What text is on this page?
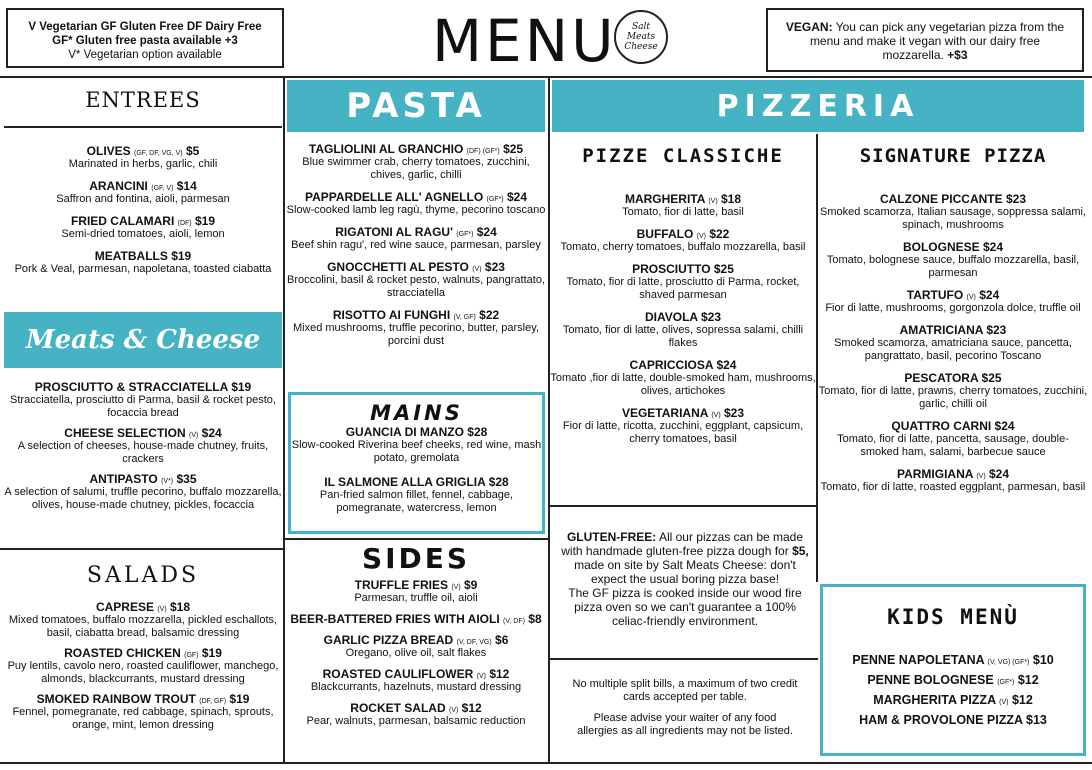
V Vegetarian GF Gluten Free DF Dairy Free
GF* Gluten free pasta available +3
V* Vegetarian option available	MENU	Salt Meats Cheese
VEGAN: You can pick any vegetarian pizza from the menu and make it vegan with our dairy free mozzarella. +$3
ENTREES
OLIVES (GF, DF, VG, V) $5
Marinated in herbs, garlic, chili
ARANCINI (GF, V) $14
Saffron and fontina, aioli, parmesan
FRIED CALAMARI (DF) $19
Semi-dried tomatoes, aioli, lemon
MEATBALLS $19
Pork & Veal, parmesan, napoletana, toasted ciabatta
Meats & Cheese
PROSCIUTTO & STRACCIATELLA $19
Stracciatella, prosciutto di Parma, basil & rocket pesto, focaccia bread
CHEESE SELECTION (V) $24
A selection of cheeses, house-made chutney, fruits, crackers
ANTIPASTO (V*) $35
A selection of salumi, truffle pecorino, buffalo mozzarella, olives, house-made chutney, pickles, focaccia
SALADS
CAPRESE (V) $18
Mixed tomatoes, buffalo mozzarella, pickled eschallots, basil, ciabatta bread, balsamic dressing
ROASTED CHICKEN (GF) $19
Puy lentils, cavolo nero, roasted cauliflower, manchego, almonds, blackcurrants, mustard dressing
SMOKED RAINBOW TROUT (DF, GF) $19
Fennel, pomegranate, red cabbage, spinach, sprouts, orange, mint, lemon dressing
PASTA
TAGLIOLINI AL GRANCHIO (DF) (GF*) $25
Blue swimmer crab, cherry tomatoes, zucchini, chives, garlic, chilli
PAPPARDELLE ALL' AGNELLO (GF*) $24
Slow-cooked lamb leg ragù, thyme, pecorino toscano
RIGATONI AL RAGU' (GF*) $24
Beef shin ragu', red wine sauce, parmesan, parsley
GNOCCHETTI AL PESTO (V) $23
Broccolini, basil & rocket pesto, walnuts, pangrattato, stracciatella
RISOTTO AI FUNGHI (V, GF) $22
Mixed mushrooms, truffle pecorino, butter, parsley, porcini dust
MAINS
GUANCIA DI MANZO $28
Slow-cooked Riverina beef cheeks, red wine, mash potato, gremolata
IL SALMONE ALLA GRIGLIA $28
Pan-fried salmon fillet, fennel, cabbage, pomegranate, watercress, lemon
SIDES
TRUFFLE FRIES (V) $9
Parmesan, truffle oil, aioli
BEER-BATTERED FRIES WITH AIOLI (V, DF) $8
GARLIC PIZZA BREAD (V, DF, VG) $6
Oregano, olive oil, salt flakes
ROASTED CAULIFLOWER (V) $12
Blackcurrants, hazelnuts, mustard dressing
ROCKET SALAD (V) $12
Pear, walnuts, parmesan, balsamic reduction
PIZZERIA
PIZZE CLASSICHE
MARGHERITA (V) $18
Tomato, fior di latte, basil
BUFFALO (V) $22
Tomato, cherry tomatoes, buffalo mozzarella, basil
PROSCIUTTO $25
Tomato, fior di latte, prosciutto di Parma, rocket, shaved parmesan
DIAVOLA $23
Tomato, fior di latte, olives, sopressa salami, chilli flakes
CAPRICCIOSA $24
Tomato ,fior di latte, double-smoked ham, mushrooms, olives, artichokes
VEGETARIANA (V) $23
Fior di latte, ricotta, zucchini, eggplant, capsicum, cherry tomatoes, basil
SIGNATURE PIZZA
CALZONE PICCANTE $23
Smoked scamorza, Italian sausage, soppressa salami, spinach, mushrooms
BOLOGNESE $24
Tomato, bolognese sauce, buffalo mozzarella, basil, parmesan
TARTUFO (V) $24
Fior di latte, mushrooms, gorgonzola dolce, truffle oil
AMATRICIANA $23
Smoked scamorza, amatriciana sauce, pancetta, pangrattato, basil, pecorino Toscano
PESCATORA $25
Tomato, fior di latte, prawns, cherry tomatoes, zucchini, garlic, chilli oil
QUATTRO CARNI $24
Tomato, fior di latte, pancetta, sausage, double-smoked ham, salami, barbecue sauce
PARMIGIANA (V) $24
Tomato, fior di latte, roasted eggplant, parmesan, basil
GLUTEN-FREE: All our pizzas can be made with handmade gluten-free pizza dough for $5, made on site by Salt Meats Cheese: don't expect the usual boring pizza base!
The GF pizza is cooked inside our wood fire pizza oven so we can't guarantee a 100% celiac-friendly environment.
No multiple split bills, a maximum of two credit cards accepted per table.
Please advise your waiter of any food allergies as all ingredients may not be listed.
KIDS MENÙ
PENNE NAPOLETANA (V, VG) (GF*) $10
PENNE BOLOGNESE (GF*) $12
MARGHERITA PIZZA (V) $12
HAM & PROVOLONE PIZZA $13
